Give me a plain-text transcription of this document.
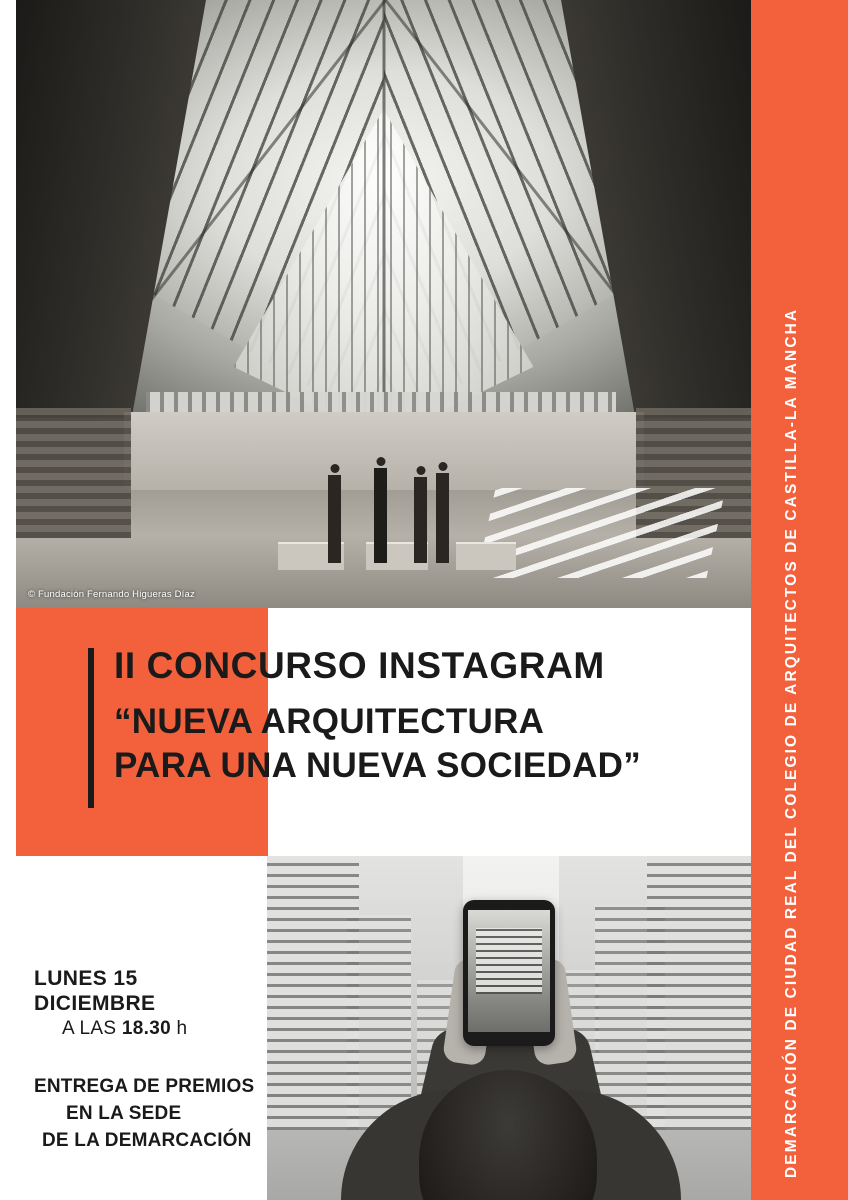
© Fundación Fernando Higueras Díaz
II CONCURSO INSTAGRAM
“NUEVA ARQUITECTURA
PARA UNA NUEVA SOCIEDAD”
LUNES 15 DICIEMBRE
A LAS 18.30 h
ENTREGA DE PREMIOS
EN LA SEDE
DE LA DEMARCACIÓN	DEMARCACIÓN DE CIUDAD REAL DEL COLEGIO DE ARQUITECTOS DE CASTILLA-LA MANCHA
